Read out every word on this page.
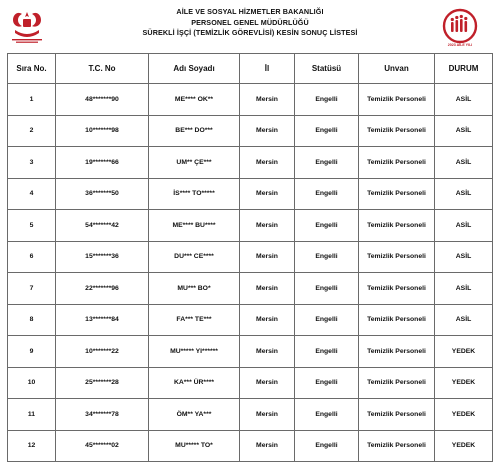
AİLE VE SOSYAL HİZMETLER BAKANLIĞI
PERSONEL GENEL MÜDÜRLÜĞÜ
SÜREKLİ İŞÇİ (TEMİZLİK GÖREVLİSİ) KESİN SONUÇ LİSTESİ
2023 AİLE YILI
Sıra No.	T.C. No	Adı Soyadı	İl	Statüsü	Unvan	DURUM
1	48*******90	ME**** OK**	Mersin	Engelli	Temizlik Personeli	ASİL
2	10*******98	BE*** DO***	Mersin	Engelli	Temizlik Personeli	ASİL
3	19*******66	UM** ÇE***	Mersin	Engelli	Temizlik Personeli	ASİL
4	36*******50	İS**** TO*****	Mersin	Engelli	Temizlik Personeli	ASİL
5	54*******42	ME**** BU****	Mersin	Engelli	Temizlik Personeli	ASİL
6	15*******36	DU*** CE****	Mersin	Engelli	Temizlik Personeli	ASİL
7	22*******96	MU*** BO*	Mersin	Engelli	Temizlik Personeli	ASİL
8	13*******84	FA*** TE***	Mersin	Engelli	Temizlik Personeli	ASİL
9	10*******22	MU***** YI******	Mersin	Engelli	Temizlik Personeli	YEDEK
10	25*******28	KA*** ÜR****	Mersin	Engelli	Temizlik Personeli	YEDEK
11	34*******78	ÖM** YA***	Mersin	Engelli	Temizlik Personeli	YEDEK
12	45*******02	MU***** TO*	Mersin	Engelli	Temizlik Personeli	YEDEK
